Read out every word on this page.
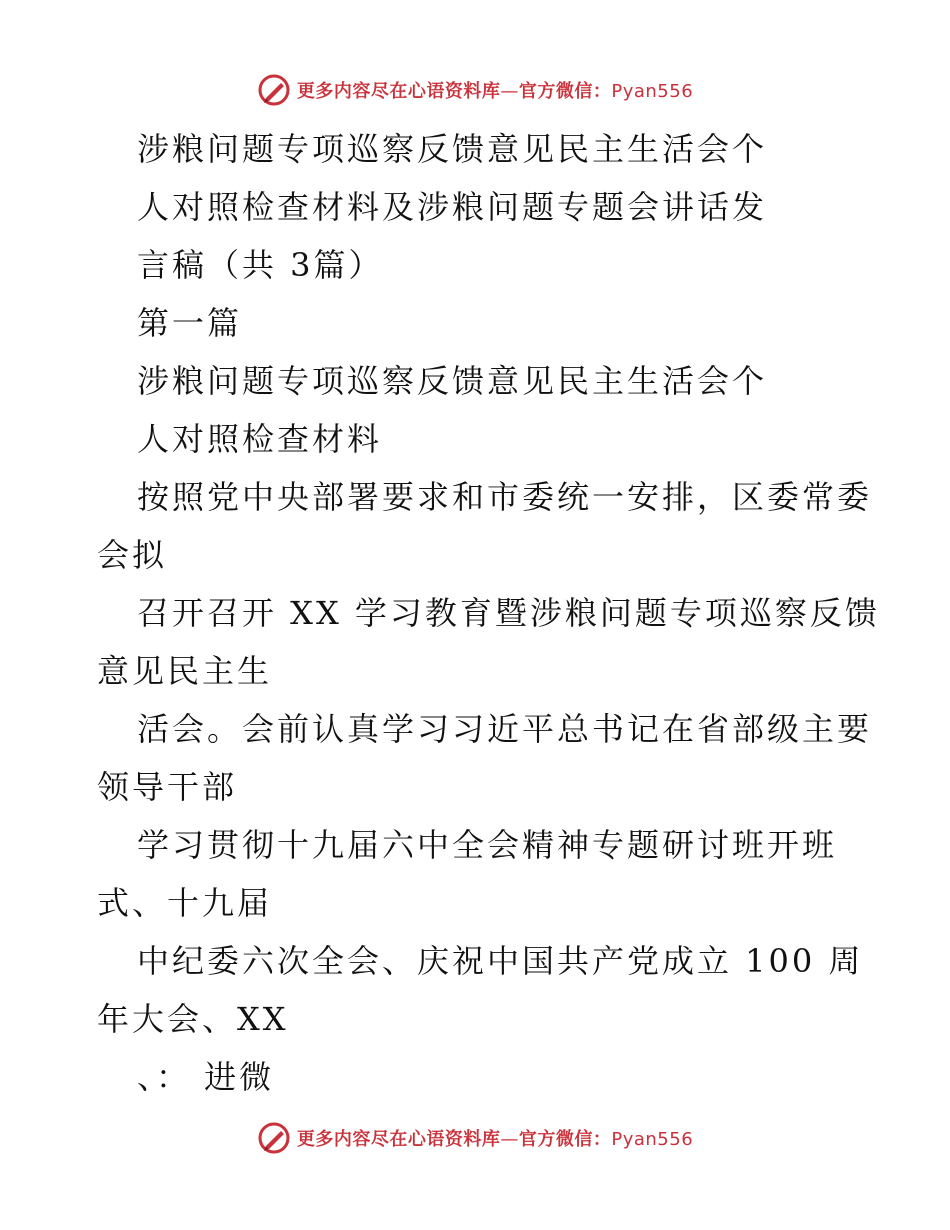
更多内容尽在心语资料库—官方微信：Pyan556
涉粮问题专项巡察反馈意见民主生活会个
人对照检查材料及涉粮问题专题会讲话发
言稿（共 3篇）
第一篇
涉粮问题专项巡察反馈意见民主生活会个
人对照检查材料
按照党中央部署要求和市委统一安排，区委常委
会拟
召开召开 XX 学习教育暨涉粮问题专项巡察反馈
意见民主生
活会。会前认真学习习近平总书记在省部级主要
领导干部
学习贯彻十九届六中全会精神专题研讨班开班
式、十九届
中纪委六次全会、庆祝中国共产党成立 100 周
年大会、XX
、： 进微
更多内容尽在心语资料库—官方微信：Pyan556
